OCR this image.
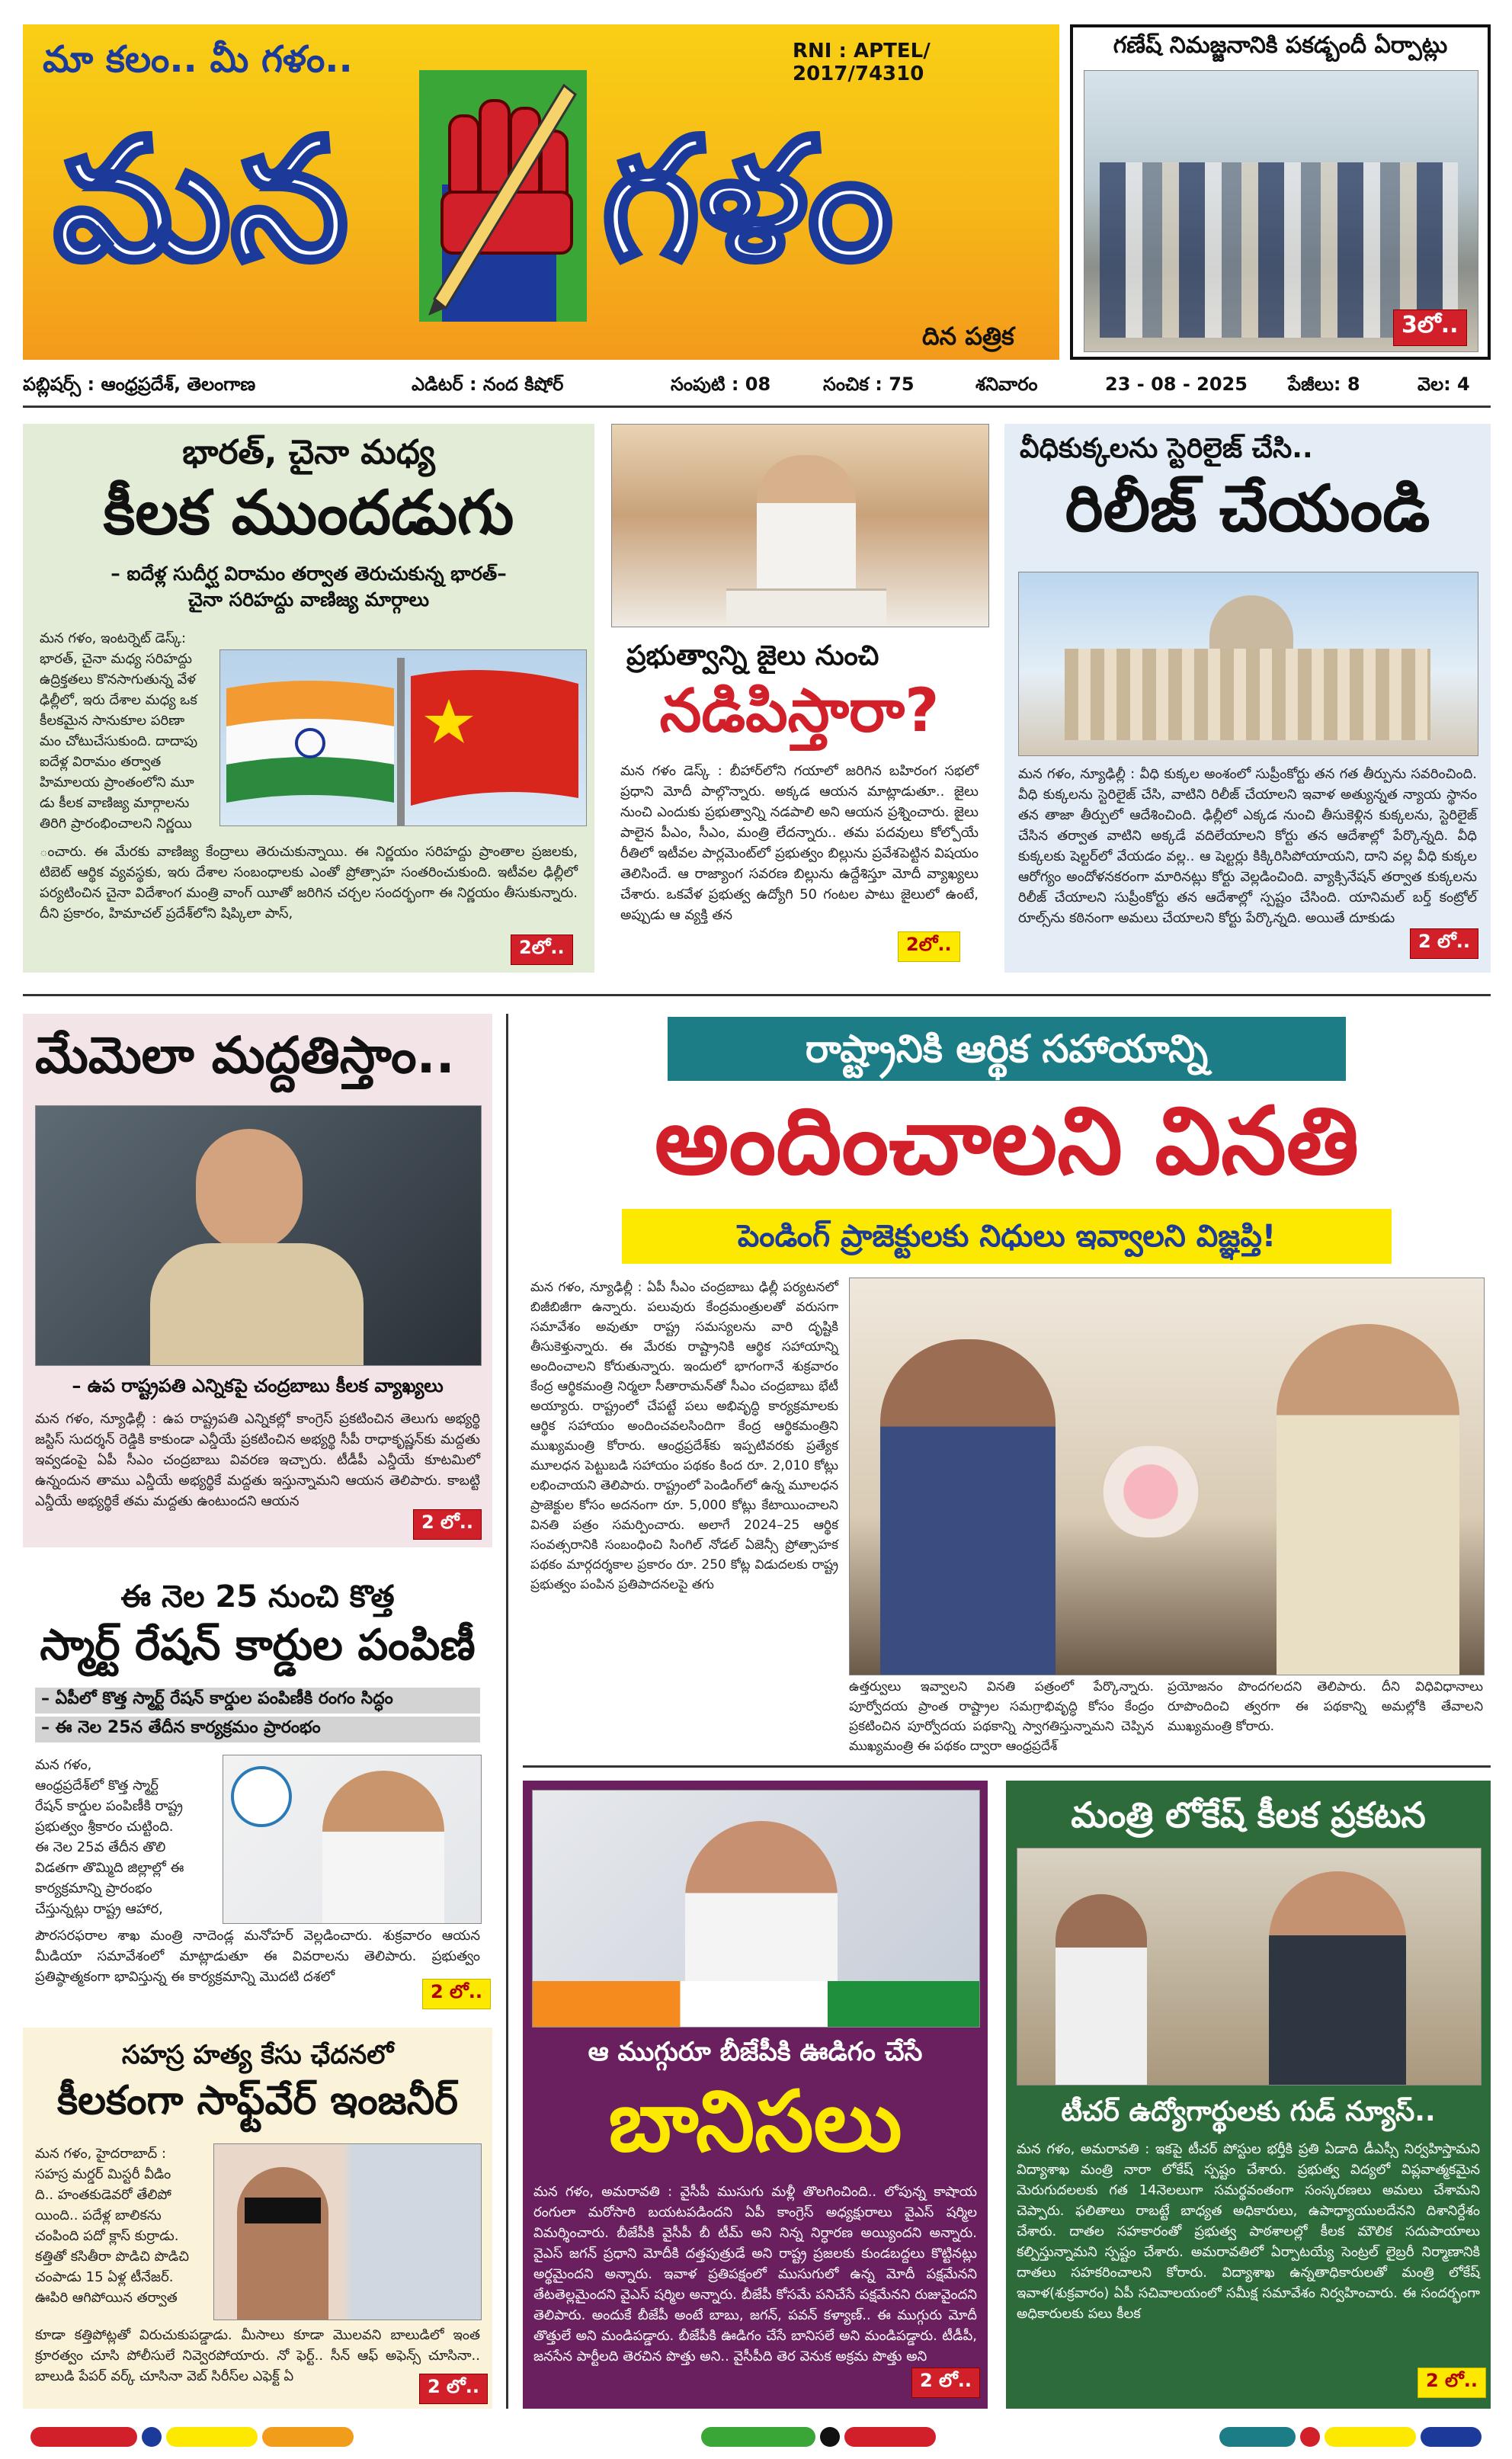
మా కలం.. మీ గళం..	RNI : APTEL/ 2017/74310
మన గళం
దిన పత్రిక
గణేష్ నిమజ్జనానికి పకడ్బందీ ఏర్పాట్లు
3లో..
పబ్లిషర్స్ : ఆంధ్రప్రదేశ్, తెలంగాణ	ఎడిటర్ : నంద కిషోర్	సంపుటి : 08	సంచిక : 75	శనివారం	23 - 08 - 2025 పేజీలు: 8	వెల: 4
భారత్, చైనా మధ్య
కీలక ముందడుగు
– ఐదేళ్ల సుదీర్ఘ విరామం తర్వాత తెరుచుకున్న భారత్–
చైనా సరిహద్దు వాణిజ్య మార్గాలు
మన గళం, ఇంటర్నెట్ డెస్క్:
భారత్, చైనా మధ్య సరిహద్దు
ఉద్రిక్తతలు కొనసాగుతున్న వేళ
ఢిల్లీలో, ఇరు దేశాల మధ్య ఒక
కీలకమైన సానుకూల పరిణా
మం చోటుచేసుకుంది. దాదాపు
ఐదేళ్ల విరామం తర్వాత
హిమాలయ ప్రాంతంలోని మూ
డు కీలక వాణిజ్య మార్గాలను
తిరిగి ప్రారంభించాలని నిర్ణయి
ంచారు. ఈ మేరకు వాణిజ్య కేంద్రాలు తెరుచుకున్నాయి. ఈ నిర్ణయం సరిహద్దు ప్రాంతాల ప్రజలకు, టిబెట్ ఆర్థిక వ్యవస్థకు, ఇరు దేశాల సంబంధాలకు ఎంతో ప్రోత్సాహ సంతరించుకుంది. ఇటీవల ఢిల్లీలో పర్యటించిన చైనా విదేశాంగ మంత్రి వాంగ్ యీతో జరిగిన చర్చల సందర్భంగా ఈ నిర్ణయం తీసుకున్నారు. దీని ప్రకారం, హిమాచల్ ప్రదేశ్‌లోని షిప్కిలా పాస్,
2లో..
ప్రభుత్వాన్ని జైలు నుంచి
నడిపిస్తారా?
మన గళం డెస్క్ : బీహార్‌లోని గయాలో జరిగిన బహిరంగ సభలో ప్రధాని మోదీ పాల్గొన్నారు. అక్కడ ఆయన మాట్లాడుతూ.. జైలు నుంచి ఎందుకు ప్రభుత్వాన్ని నడపాలి అని ఆయన ప్రశ్నించారు. జైలు పాలైన పీఎం, సీఎం, మంత్రి లేదన్నారు.. తమ పదవులు కోల్పోయే రీతిలో ఇటీవల పార్లమెంట్‌లో ప్రభుత్వం బిల్లును ప్రవేశపెట్టిన విషయం తెలిసిందే. ఆ రాజ్యాంగ సవరణ బిల్లును ఉద్దేశిస్తూ మోదీ వ్యాఖ్యలు చేశారు. ఒకవేళ ప్రభుత్వ ఉద్యోగి 50 గంటల పాటు జైలులో ఉంటే, అప్పుడు ఆ వ్యక్తి తన
2లో..
వీధికుక్కలను స్టెరిలైజ్ చేసి..
రిలీజ్ చేయండి
మన గళం, న్యూఢిల్లీ : వీధి కుక్కల అంశంలో సుప్రీంకోర్టు తన గత తీర్పును సవరించింది. వీధి కుక్కలను స్టెరిలైజ్ చేసి, వాటిని రిలీజ్ చేయాలని ఇవాళ అత్యున్నత న్యాయ స్థానం తన తాజా తీర్పులో ఆదేశించింది. ఢిల్లీలో ఎక్కడ నుంచి తీసుకెళ్లిన కుక్కలను, స్టెరిలైజ్ చేసిన తర్వాత వాటిని అక్కడే వదిలేయాలని కోర్టు తన ఆదేశాల్లో పేర్కొన్నది. వీధి కుక్కలకు షెల్టర్‌లో వేయడం వల్ల.. ఆ షెల్టర్లు కిక్కిరిసిపోయాయని, దాని వల్ల వీధి కుక్కల ఆరోగ్యం అందోళనకరంగా మారినట్లు కోర్టు వెల్లడించింది. వ్యాక్సినేషన్ తర్వాత కుక్కలను రిలీజ్ చేయాలని సుప్రీంకోర్టు తన ఆదేశాల్లో స్పష్టం చేసింది. యానిమల్ బర్త్ కంట్రోల్ రూల్స్‌ను కఠినంగా అమలు చేయాలని కోర్టు పేర్కొన్నది. అయితే దూకుడు
2 లో..
మేమెలా మద్దతిస్తాం..
– ఉప రాష్ట్రపతి ఎన్నికపై చంద్రబాబు కీలక వ్యాఖ్యలు
మన గళం, న్యూఢిల్లీ : ఉప రాష్ట్రపతి ఎన్నికల్లో కాంగ్రెస్ ప్రకటించిన తెలుగు అభ్యర్థి జస్టిస్ సుదర్శన్ రెడ్డికి కాకుండా ఎన్డీయే ప్రకటించిన అభ్యర్థి సీపీ రాధాకృష్ణన్‌కు మద్దతు ఇవ్వడంపై ఏపీ సీఎం చంద్రబాబు వివరణ ఇచ్చారు. టీడీపీ ఎన్డీయే కూటమిలో ఉన్నందున తాము ఎన్డీయే అభ్యర్థికే మద్దతు ఇస్తున్నామని ఆయన తెలిపారు. కాబట్టి ఎన్డీయే అభ్యర్థికే తమ మద్దతు ఉంటుందని ఆయన
2 లో..
ఈ నెల 25 నుంచి కొత్త
స్మార్ట్ రేషన్ కార్డుల పంపిణీ
– ఏపీలో కొత్త స్మార్ట్ రేషన్ కార్డుల పంపిణీకి రంగం సిద్ధం
– ఈ నెల 25న తేదీన కార్యక్రమం ప్రారంభం
మన గళం,
ఆంధ్రప్రదేశ్‌లో కొత్త స్మార్ట్
రేషన్ కార్డుల పంపిణీకి రాష్ట్ర
ప్రభుత్వం శ్రీకారం చుట్టింది.
ఈ నెల 25వ తేదీన తొలి
విడతగా తొమ్మిది జిల్లాల్లో ఈ
కార్యక్రమాన్ని ప్రారంభం
చేస్తున్నట్లు రాష్ట్ర ఆహార,
పౌరసరఫరాల శాఖ మంత్రి నాదెండ్ల మనోహర్ వెల్లడించారు. శుక్రవారం ఆయన మీడియా సమావేశంలో మాట్లాడుతూ ఈ వివరాలను తెలిపారు. ప్రభుత్వం ప్రతిష్ఠాత్మకంగా భావిస్తున్న ఈ కార్యక్రమాన్ని మొదటి దశలో
2 లో..
సహస్ర హత్య కేసు ఛేదనలో
కీలకంగా సాఫ్ట్‌వేర్ ఇంజనీర్
మన గళం, హైదరాబాద్ :
సహస్ర మర్డర్ మిస్టరీ వీడిం
ది.. హంతకుడెవరో తేలిపో
యింది.. పదేళ్ల బాలికను
చంపింది పదో క్లాస్ కుర్రాడు.
కత్తితో కసితీరా పొడిచి పొడిచి
చంపాడు 15 ఏళ్ల టీనేజర్.
ఊపిరి ఆగిపోయిన తర్వాత
కూడా కత్తిపోట్లతో విరుచుకుపడ్డాడు. మీసాలు కూడా మొలవని బాలుడిలో ఇంత క్రూరత్వం చూసి పోలీసులే నివ్వెరపోయారు. నో ఫెర్ట్.. సీన్ ఆఫ్ అఫెన్స్ చూసినా.. బాలుడి పేపర్ వర్క్ చూసినా వెబ్ సిరీస్‌ల ఎఫెక్ట్ ఏ	2 లో..
రాష్ట్రానికి ఆర్థిక సహాయాన్ని
అందించాలని వినతి
పెండింగ్ ప్రాజెక్టులకు నిధులు ఇవ్వాలని విజ్ఞప్తి!
మన గళం, న్యూఢిల్లీ : ఏపీ సీఎం చంద్రబాబు ఢిల్లీ పర్యటనలో బిజీబిజీగా ఉన్నారు. పలువురు కేంద్రమంత్రులతో వరుసగా సమావేశం అవుతూ రాష్ట్ర సమస్యలను వారి దృష్టికి తీసుకెళ్తున్నారు. ఈ మేరకు రాష్ట్రానికి ఆర్థిక సహాయాన్ని అందించాలని కోరుతున్నారు. ఇందులో భాగంగానే శుక్రవారం కేంద్ర ఆర్థికమంత్రి నిర్మలా సీతారామన్‌తో సీఎం చంద్రబాబు భేటీ అయ్యారు. రాష్ట్రంలో చేపట్టే పలు అభివృద్ధి కార్యక్రమాలకు ఆర్థిక సహాయం అందించవలసిందిగా కేంద్ర ఆర్థికమంత్రిని ముఖ్యమంత్రి కోరారు. ఆంధ్రప్రదేశ్‌కు ఇప్పటివరకు ప్రత్యేక మూలధన పెట్టుబడి సహాయం పథకం కింద రూ. 2,010 కోట్లు లభించాయని తెలిపారు. రాష్ట్రంలో పెండింగ్‌లో ఉన్న మూలధన ప్రాజెక్టుల కోసం అదనంగా రూ. 5,000 కోట్లు కేటాయించాలని వినతి పత్రం సమర్పించారు. అలాగే 2024–25 ఆర్థిక సంవత్సరానికి సంబంధించి సింగిల్ నోడల్ ఏజెన్సీ ప్రోత్సాహక పథకం మార్గదర్శకాల ప్రకారం రూ. 250 కోట్ల విడుదలకు రాష్ట్ర ప్రభుత్వం పంపిన ప్రతిపాదనలపై తగు
ఉత్తర్వులు ఇవ్వాలని వినతి పత్రంలో పేర్కొన్నారు. పూర్వోదయ ప్రాంత రాష్ట్రాల సమగ్రాభివృద్ధి కోసం కేంద్రం ప్రకటించిన పూర్వోదయ పథకాన్ని స్వాగతిస్తున్నామని చెప్పిన ముఖ్యమంత్రి ఈ పథకం ద్వారా ఆంధ్రప్రదేశ్
ప్రయోజనం పొందగలదని తెలిపారు. దీని విధివిధానాలు రూపొందించి త్వరగా ఈ పథకాన్ని అమల్లోకి తేవాలని ముఖ్యమంత్రి కోరారు.
ఆ ముగ్గురూ బీజేపీకి ఊడిగం చేసే
బానిసలు
మన గళం, అమరావతి : వైసీపీ ముసుగు మళ్లీ తొలగించింది.. లోపున్న కాషాయ రంగులా మరోసారి బయటపడిందని ఏపీ కాంగ్రెస్ అధ్యక్షురాలు వైఎస్ షర్మిల విమర్శించారు. బీజేపీకి వైసీపీ బీ టీమ్ అని నిన్న నిర్ధారణ అయ్యిందని అన్నారు. వైఎస్ జగన్ ప్రధాని మోదీకి దత్తపుత్రుడే అని రాష్ట్ర ప్రజలకు కుండబద్దలు కొట్టినట్లు అర్థమైందని అన్నారు. ఇవాళ ప్రతిపక్షంలో ముసుగులో ఉన్న మోదీ పక్షమేనని తేటతెల్లమైందని వైఎస్ షర్మిల అన్నారు. బీజేపీ కోసమే పనిచేసే పక్షమేనని రుజువైందని తెలిపారు. అందుకే బీజేపీ అంటే బాబు, జగన్, పవన్ కళ్యాణ్.. ఈ ముగ్గురు మోదీ తొత్తులే అని మండిపడ్డారు. బీజేపీకి ఊడిగం చేసే బానిసలే అని మండిపడ్డారు. టీడీపీ, జనసేన పార్టీలది తెరచిన పొత్తు అని.. వైసీపీది తెర వెనుక అక్రమ పొత్తు అని
2 లో..
మంత్రి లోకేష్ కీలక ప్రకటన
టీచర్ ఉద్యోగార్థులకు గుడ్ న్యూస్..
మన గళం, అమరావతి : ఇకపై టీచర్ పోస్టుల భర్తీకి ప్రతి ఏడాది డీఎస్సీ నిర్వహిస్తామని విద్యాశాఖ మంత్రి నారా లోకేష్ స్పష్టం చేశారు. ప్రభుత్వ విద్యలో విప్లవాత్మకమైన మెరుగుదలలకు గత 14నెలలుగా సమర్థవంతంగా సంస్కరణలు అమలు చేశామని చెప్పారు. ఫలితాలు రాబట్టే బాధ్యత అధికారులు, ఉపాధ్యాయులదేనని దిశానిర్దేశం చేశారు. దాతల సహకారంతో ప్రభుత్వ పాఠశాలల్లో కీలక మౌలిక సదుపాయాలు కల్పిస్తున్నామని స్పష్టం చేశారు. అమరావతిలో ఏర్పాటయ్యే సెంట్రల్ లైబ్రరీ నిర్మాణానికి దాతలు సహకరించాలని కోరారు. విద్యాశాఖ ఉన్నతాధికారులతో మంత్రి లోకేష్ ఇవాళ(శుక్రవారం) ఏపీ సచివాలయంలో సమీక్ష సమావేశం నిర్వహించారు. ఈ సందర్భంగా అధికారులకు పలు కీలక
2 లో..
